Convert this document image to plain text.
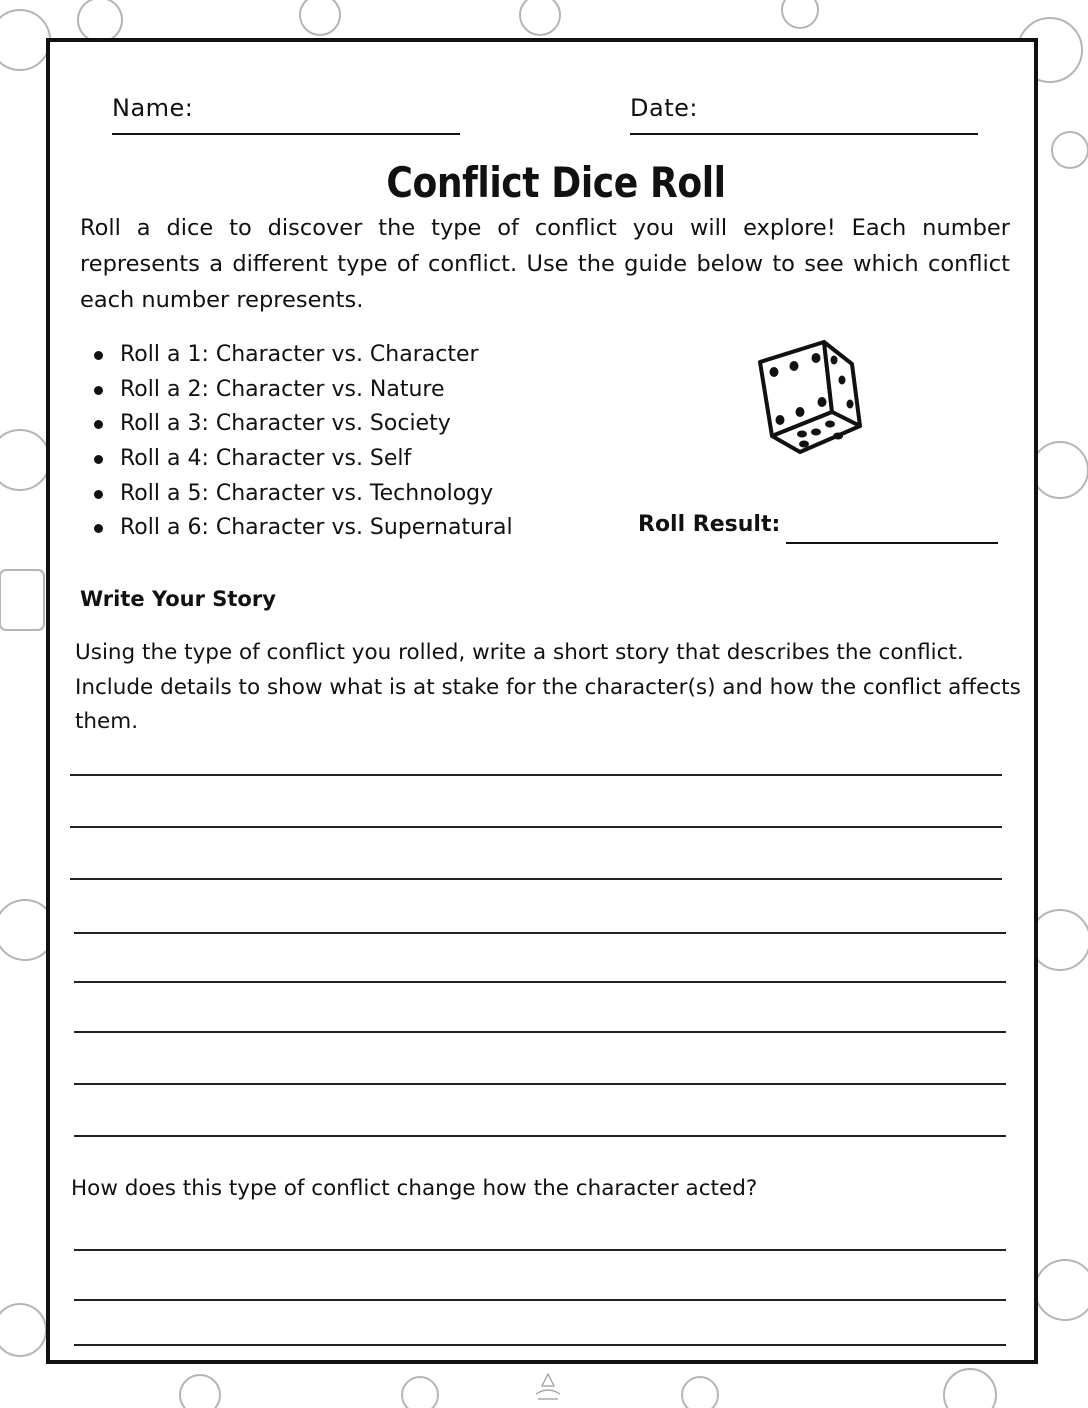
Name:	Date:
Conflict Dice Roll
Roll a dice to discover the type of conflict you will explore! Each number represents a different type of conflict. Use the guide below to see which conflict each number represents.
Roll a 1: Character vs. Character
Roll a 2: Character vs. Nature
Roll a 3: Character vs. Society
Roll a 4: Character vs. Self
Roll a 5: Character vs. Technology
Roll a 6: Character vs. Supernatural	Roll Result:
Write Your Story
Using the type of conflict you rolled, write a short story that describes the conflict. Include details to show what is at stake for the character(s) and how the conflict affects them.
How does this type of conflict change how the character acted?
